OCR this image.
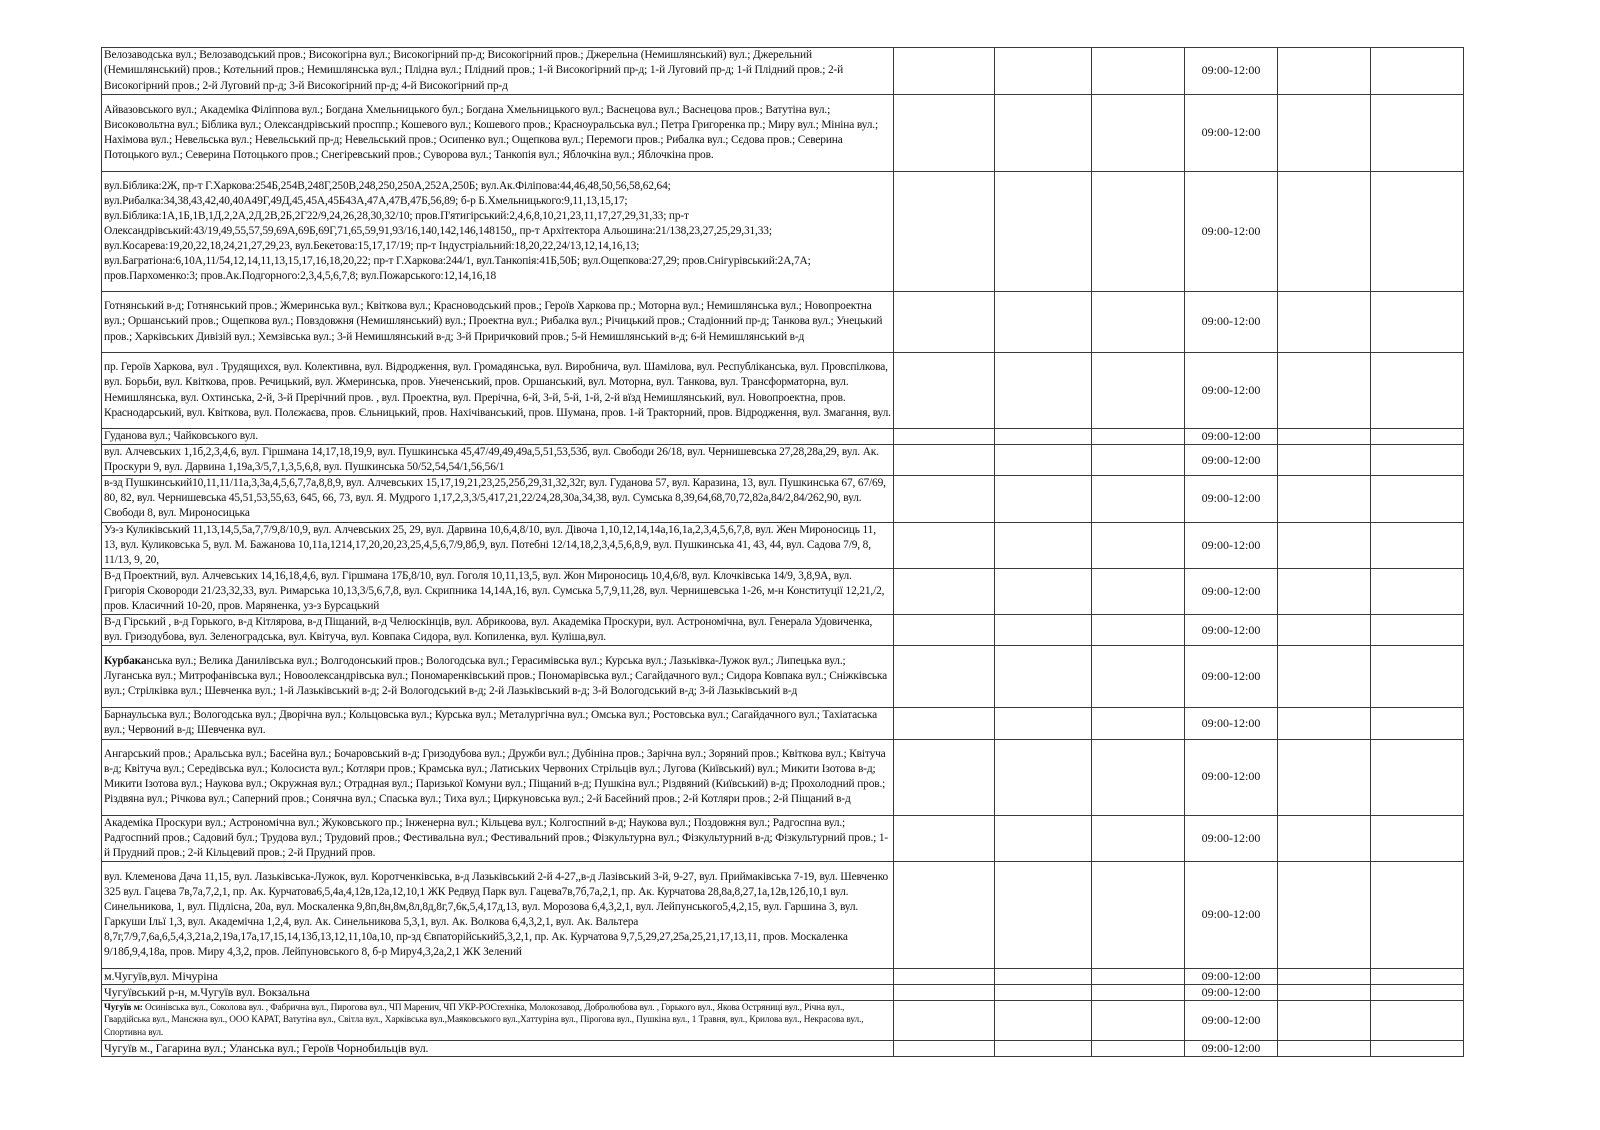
Велозаводська вул.; Велозаводський пров.; Високогірна вул.; Високогірний пр-д; Високогірний пров.; Джерельна (Немишлянський) вул.; Джерельний (Немишлянський) пров.; Котельний пров.; Немишлянська вул.; Плідна вул.; Плідний пров.; 1-й Високогірний пр-д; 1-й Луговий пр-д; 1-й Плідний пров.; 2-й Високогірний пров.; 2-й Луговий пр-д; 3-й Високогірний пр-д; 4-й Високогірний пр-д				09:00-12:00		
Айвазовського вул.; Академіка Філіппова вул.; Богдана Хмельницького бул.; Богдана Хмельницького вул.; Васнецова вул.; Васнецова пров.; Ватутіна вул.; Високовольтна вул.; Біблика вул.; Олександрівський просппр.; Кошевого вул.; Кошевого пров.; Красноуральська вул.; Петра Григоренка пр.; Миру вул.; Мініна вул.; Нахімова вул.; Невельська вул.; Невельський пр-д; Невельський пров.; Осипенко вул.; Ощепкова вул.; Перемоги пров.; Рибалка вул.; Сєдова пров.; Северина Потоцького вул.; Северина Потоцького пров.; Снегіревський пров.; Суворова вул.; Танкопія вул.; Яблочкіна вул.; Яблочкіна пров.				09:00-12:00		
вул.Біблика:2Ж, пр-т Г.Харкова:254Б,254В,248Г,250В,248,250,250А,252А,250Б; вул.Ак.Філіпова:44,46,48,50,56,58,62,64; вул.Рибалка:34,38,43,42,40,40А49Г,49Д,45,45А,45Б43А,47А,47В,47Б,56,89; б-р Б.Хмельницького:9,11,13,15,17; вул.Біблика:1А,1Б,1В,1Д,2,2А,2Д,2В,2Б,2Г22/9,24,26,28,30,32/10; пров.П'ятигірський:2,4,6,8,10,21,23,11,17,27,29,31,33; пр-т Олександрівський:43/19,49,55,57,59,69А,69Б,69Г,71,65,59,91,93/16,140,142,146,148150,, пр-т Архітектора Альошина:21/138,23,27,25,29,31,33; вул.Косарева:19,20,22,18,24,21,27,29,23, вул.Бекетова:15,17,17/19; пр-т Індустріальний:18,20,22,24/13,12,14,16,13; вул.Багратіона:6,10А,11/54,12,14,11,13,15,17,16,18,20,22; пр-т Г.Харкова:244/1, вул.Танкопія:41Б,50Б; вул.Ощепкова:27,29; пров.Снігурівський:2А,7А; пров.Пархоменко:3; пров.Ак.Подгорного:2,3,4,5,6,7,8; вул.Пожарського:12,14,16,18				09:00-12:00		
Готнянський в-д; Готнянський пров.; Жмеринська вул.; Квіткова вул.; Красноводський пров.; Героїв Харкова пр.; Моторна вул.; Немишлянська вул.; Новопроектна вул.; Оршанський пров.; Ощепкова вул.; Повздовжня (Немишлянський) вул.; Проектна вул.; Рибалка вул.; Річицький пров.; Стадіонний пр-д; Танкова вул.; Унецький пров.; Харківських Дивізій вул.; Хемзівська вул.; 3-й Немишлянський в-д; 3-й Приричковий пров.; 5-й Немишлянський в-д; 6-й Немишлянський в-д				09:00-12:00		
пр. Героїв Харкова, вул . Трудящихся, вул. Колективна, вул. Відродження, вул. Громадянська, вул. Виробнича, вул. Шамілова, вул. Республіканська, вул. Провспілкова, вул. Борьби, вул. Квіткова, пров. Речицький, вул. Жмеринська, пров. Унеченський, пров. Оршанський, вул. Моторна, вул. Танкова, вул. Трансформаторна, вул. Немишлянська, вул. Охтинська, 2-й, 3-й Прерічний пров. , вул. Проектна, вул. Прерічна, 6-й, 3-й, 5-й, 1-й, 2-й вїзд Немишлянський, вул. Новопроектна, пров. Краснодарський, вул. Квіткова, вул. Полєжаєва, пров. Єльницький, пров. Нахічіванський, пров. Шумана, пров. 1-й Тракторний, пров. Відродження, вул. Змагання, вул.				09:00-12:00		
Гуданова вул.; Чайковського вул.				09:00-12:00		
вул. Алчевських 1,1б,2,3,4,6, вул. Гіршмана 14,17,18,19,9, вул. Пушкинська 45,47/49,49,49а,5,51,53,53б, вул. Свободи 26/18, вул. Чернишевська 27,28,28а,29, вул. Ак. Проскури 9, вул. Дарвина 1,19а,3/5,7,1,3,5,6,8, вул. Пушкинська 50/52,54,54/1,56,56/1				09:00-12:00		
в-зд Пушкинський10,11,11/11а,3,3а,4,5,6,7,7а,8,8,9, вул. Алчевських 15,17,19,21,23,25,25б,29,31,32,32г, вул. Гуданова 57, вул. Каразина, 13, вул. Пушкинська 67, 67/69, 80, 82, вул. Чернишевська 45,51,53,55,63, 645, 66, 73, вул. Я. Мудрого 1,17,2,3,3/5,417,21,22/24,28,30а,34,38, вул. Сумська 8,39,64,68,70,72,82а,84/2,84/262,90, вул. Свободи 8, вул. Мироносицька				09:00-12:00		
Уз-з Куликівський 11,13,14,5,5а,7,7/9,8/10,9, вул. Алчевських 25, 29, вул. Дарвина 10,6,4,8/10, вул. Дівоча 1,10,12,14,14а,16,1а,2,3,4,5,6,7,8, вул. Жен Мироносиць 11, 13, вул. Куликовська 5, вул. М. Бажанова 10,11а,1214,17,20,20,23,25,4,5,6,7/9,8б,9, вул. Потебні 12/14,18,2,3,4,5,6,8,9, вул. Пушкинська 41, 43, 44, вул. Садова 7/9, 8, 11/13, 9, 20,				09:00-12:00		
В-д Проектний, вул. Алчевських 14,16,18,4,6, вул. Гіршмана 17Б,8/10, вул. Гоголя 10,11,13,5, вул. Жон Мироносиць 10,4,6/8, вул. Клочківська 14/9, 3,8,9А, вул. Григорія Сковороди 21/23,32,33, вул. Римарська 10,13,3/5,6,7,8, вул. Скрипника 14,14А,16, вул. Сумська 5,7,9,11,28, вул. Чернишевська 1-26, м-н Конституції 12,21,/2, пров. Класичний 10-20, пров. Маряненка, уз-з Бурсацький				09:00-12:00		
В-д Гірський , в-д Горького, в-д Кітлярова, в-д Піщаний, в-д Челюскінців, вул. Абрикоова, вул. Академіка Проскури, вул. Астрономічна, вул. Генерала Удовиченка, вул. Гризодубова, вул. Зеленоградська, вул. Квітуча, вул. Ковпака Сидора, вул. Копиленка, вул. Куліша,вул.				09:00-12:00		
Курбаканська вул.; Велика Данилівська вул.; Волгодонський пров.; Вологодська вул.; Герасимівська вул.; Курська вул.; Лазьківка-Лужок вул.; Липецька вул.; Луганська вул.; Митрофанівська вул.; Новоолександрівська вул.; Пономаренківський пров.; Пономарівська вул.; Сагайдачного вул.; Сидора Ковпака вул.; Сніжківська вул.; Стрілківка вул.; Шевченка вул.; 1-й Лазьківський в-д; 2-й Вологодський в-д; 2-й Лазьківський в-д; 3-й Вологодський в-д; 3-й Лазьківський в-д				09:00-12:00		
Барнаульська вул.; Вологодська вул.; Дворічна вул.; Кольцовська вул.; Курська вул.; Металургічна вул.; Омська вул.; Ростовська вул.; Сагайдачного вул.; Таxіатаська вул.; Червоний в-д; Шевченка вул.				09:00-12:00		
Ангарський пров.; Аральська вул.; Басейна вул.; Бочаровський в-д; Гризодубова вул.; Дружби вул.; Дубініна пров.; Зарічна вул.; Зоряний пров.; Квіткова вул.; Квітуча в-д; Квітуча вул.; Середівська вул.; Колосиста вул.; Котляри пров.; Крамська вул.; Латиських Червоних Стрільців вул.; Лугова (Київський) вул.; Микити Ізотова в-д; Микити Ізотова вул.; Наукова вул.; Окружная вул.; Отрадная вул.; Паризької Комуни вул.; Піщаний в-д; Пушкіна вул.; Різдвяний (Київський) в-д; Прохолодний пров.; Різдвяна вул.; Річкова вул.; Саперний пров.; Сонячна вул.; Спаська вул.; Тиха вул.; Циркуновська вул.; 2-й Басейний пров.; 2-й Котляри пров.; 2-й Піщаний в-д				09:00-12:00		
Академіка Проскури вул.; Астрономічна вул.; Жуковського пр.; Інженерна вул.; Кільцева вул.; Колгоспний в-д; Наукова вул.; Поздовжня вул.; Радгоспна вул.; Радгоспний пров.; Садовий бул.; Трудова вул.; Трудовий пров.; Фестивальна вул.; Фестивальний пров.; Фізкультурна вул.; Фізкультурний в-д; Фізкультурний пров.; 1-й Прудний пров.; 2-й Кільцевий пров.; 2-й Прудний пров.				09:00-12:00		
вул. Клеменова Дача 11,15, вул. Лазьківська-Лужок, вул. Коротченківська, в-д Лазьківський 2-й 4-27,,в-д Лазівський 3-й, 9-27, вул. Приймаківська 7-19, вул. Шевченко 325 вул. Гацева 7в,7а,7,2,1, пр. Ак. Курчатова6,5,4а,4,12в,12а,12,10,1 ЖК Редвуд Парк вул. Гацева7в,7б,7а,2,1, пр. Ак. Курчатова 28,8а,8,27,1а,12в,12б,10,1 вул. Синельникова, 1, вул. Підлісна, 20а, вул. Москаленка 9,8п,8н,8м,8л,8д,8г,7,6к,5,4,17д,13, вул. Морозова 6,4,3,2,1, вул. Лейпунського5,4,2,15, вул. Гаршина 3, вул. Гаркуши Ільї 1,3, вул. Академічна 1,2,4, вул. Ак. Синельникова 5,3,1, вул. Ак. Волкова 6,4,3,2,1, вул. Ак. Вальтера 8,7г,7/9,7,6а,6,5,4,3,21а,2,19а,17а,17,15,14,13б,13,12,11,10а,10, пр-зд Євпаторійський5,3,2,1, пр. Ак. Курчатова 9,7,5,29,27,25а,25,21,17,13,11, пров. Москаленка 9/18б,9,4,18а, пров. Миру 4,3,2, пров. Лейпуновського 8, б-р Миру4,3,2а,2,1 ЖК Зелений				09:00-12:00		
м.Чугуїв,вул. Мічуріна				09:00-12:00		
Чугуївський р-н, м.Чугуїв вул. Вокзальна				09:00-12:00		
Чугуїв м: Осинівська вул., Соколова вул. , Фабрична вул., Пирогова вул., ЧП Маренич, ЧП УКР-РОСтехніка, Молокозавод, Добролюбова вул. , Горького вул., Якова Остряниці вул., Річна вул., Гвардійська вул., Манєжна вул., ООО КАРАТ, Ватутіна вул., Світла вул., Харківська вул.,Маяковського вул.,Хаттуріна вул., Пірогова вул., Пушкіна вул., 1 Травня, вул., Крилова вул., Некрасова вул., Спортивна вул.				09:00-12:00		
Чугуїв м., Гагарина вул.; Уланська вул.; Героїв Чорнобильців вул.				09:00-12:00		
